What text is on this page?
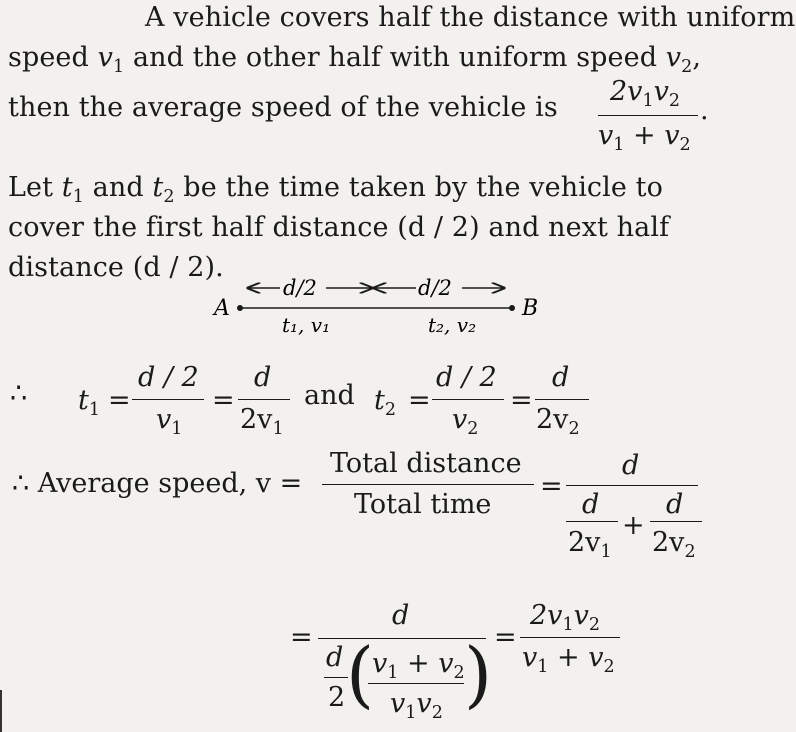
A vehicle covers half the distance with uniform
speed $v_1$ and the other half with uniform speed $v_2$,
then the average speed of the vehicle is
$2v_1v_2$ .
$v_1 + v_2$
Let $t_1$ and $t_2$ be the time taken by the vehicle to
cover the first half distance (d / 2) and next half
distance (d / 2).
A	B
d/2	d/2
t₁, v₁	t₂, v₂
∴ $t_1$ =
d / 2
$v_1$
=
d
$2v_1$
and $t_2$ =
d / 2
$v_2$
=
d
$2v_2$
∴ Average speed, v =
Total distance
Total time
=
d
d
$2v_1$
+
d
$2v_2$
=
d
d
2 (
$v_1 + v_2$
$v_1v_2$ ) =
$2v_1v_2$
$v_1 + v_2$
